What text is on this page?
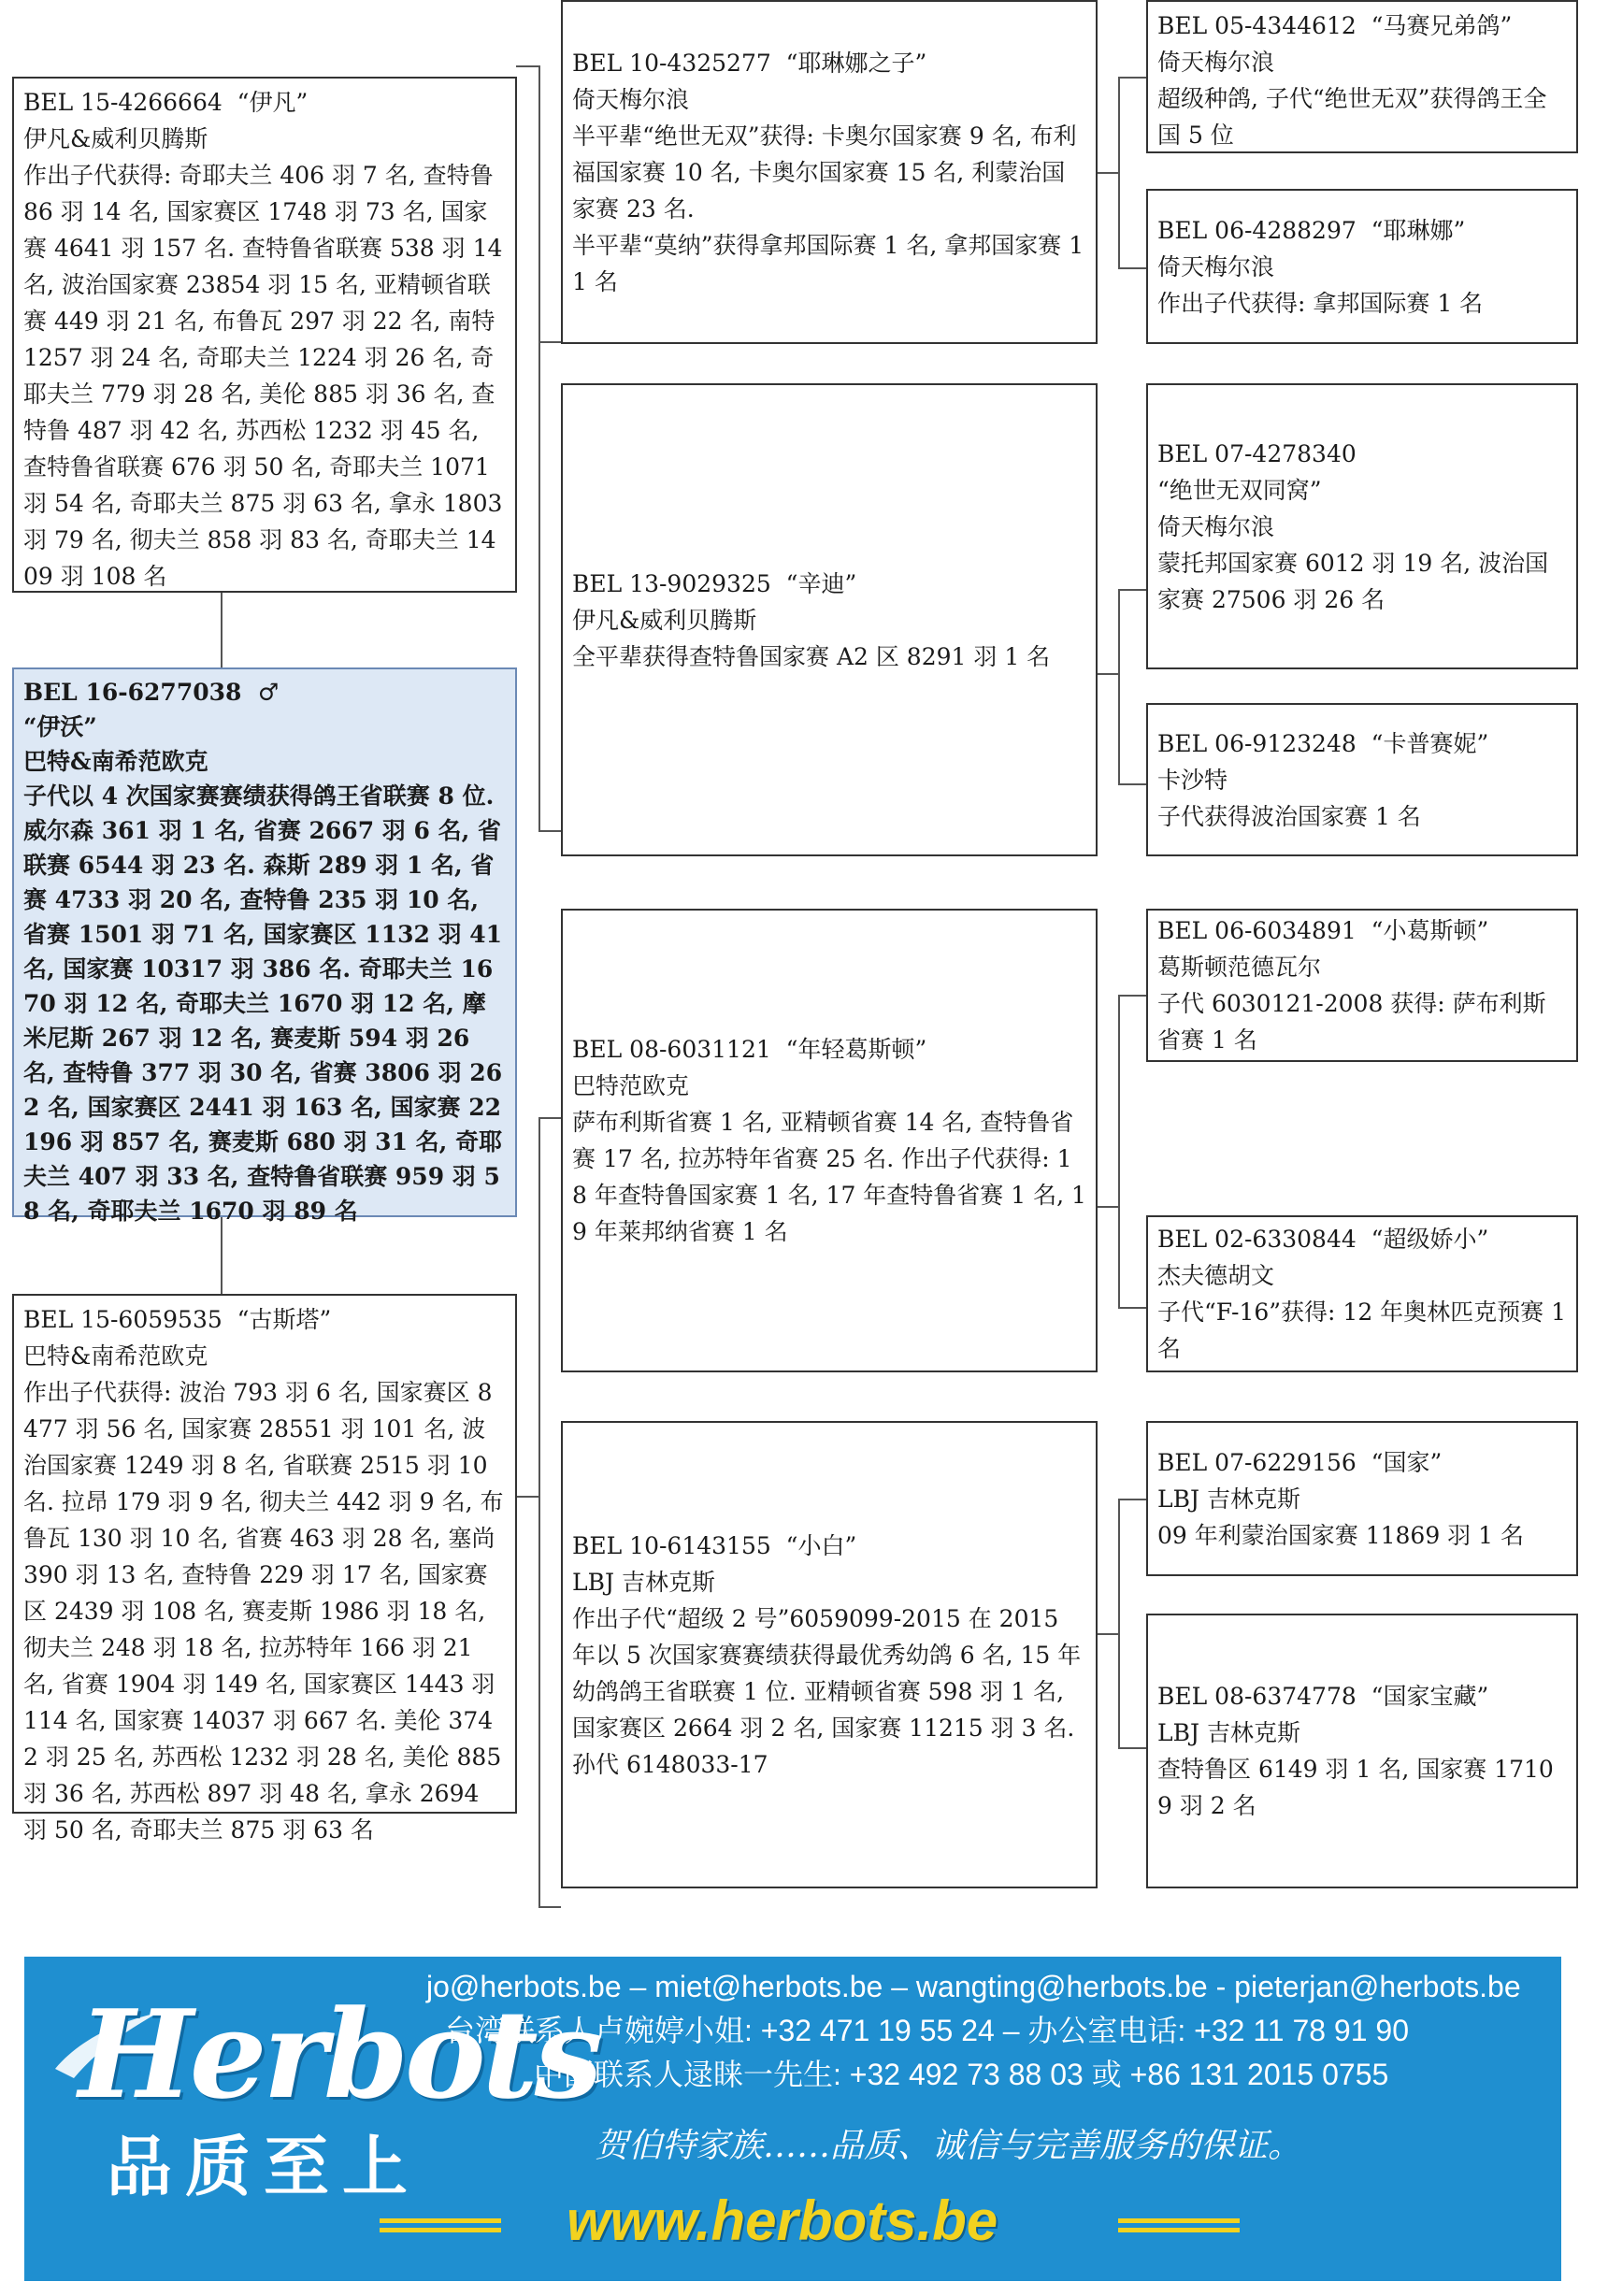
BEL 15-4266664  “伊凡”
伊凡&威利贝腾斯
作出子代获得: 奇耶夫兰 406 羽 7 名, 查特鲁 86 羽 14 名, 国家赛区 1748 羽 73 名, 国家赛 4641 羽 157 名. 查特鲁省联赛 538 羽 14 名, 波治国家赛 23854 羽 15 名, 亚精顿省联赛 449 羽 21 名, 布鲁瓦 297 羽 22 名, 南特 1257 羽 24 名, 奇耶夫兰 1224 羽 26 名, 奇耶夫兰 779 羽 28 名, 美伦 885 羽 36 名, 查特鲁 487 羽 42 名, 苏西松 1232 羽 45 名, 查特鲁省联赛 676 羽 50 名, 奇耶夫兰 1071 羽 54 名, 奇耶夫兰 875 羽 63 名, 拿永 1803 羽 79 名, 彻夫兰 858 羽 83 名, 奇耶夫兰 1409 羽 108 名
BEL 16-6277038 ♂
“伊沃”
巴特&南希范欧克
子代以 4 次国家赛赛绩获得鸽王省联赛 8 位. 威尔森 361 羽 1 名, 省赛 2667 羽 6 名, 省联赛 6544 羽 23 名. 森斯 289 羽 1 名, 省赛 4733 羽 20 名, 查特鲁 235 羽 10 名, 省赛 1501 羽 71 名, 国家赛区 1132 羽 41 名, 国家赛 10317 羽 386 名. 奇耶夫兰 1670 羽 12 名, 奇耶夫兰 1670 羽 12 名, 摩米尼斯 267 羽 12 名, 赛麦斯 594 羽 26 名, 查特鲁 377 羽 30 名, 省赛 3806 羽 262 名, 国家赛区 2441 羽 163 名, 国家赛 22196 羽 857 名, 赛麦斯 680 羽 31 名, 奇耶夫兰 407 羽 33 名, 查特鲁省联赛 959 羽 58 名, 奇耶夫兰 1670 羽 89 名
BEL 15-6059535  “古斯塔”
巴特&南希范欧克
作出子代获得: 波治 793 羽 6 名, 国家赛区 8477 羽 56 名, 国家赛 28551 羽 101 名, 波治国家赛 1249 羽 8 名, 省联赛 2515 羽 10 名. 拉昂 179 羽 9 名, 彻夫兰 442 羽 9 名, 布鲁瓦 130 羽 10 名, 省赛 463 羽 28 名, 塞尚 390 羽 13 名, 查特鲁 229 羽 17 名, 国家赛区 2439 羽 108 名, 赛麦斯 1986 羽 18 名, 彻夫兰 248 羽 18 名, 拉苏特年 166 羽 21 名, 省赛 1904 羽 149 名, 国家赛区 1443 羽 114 名, 国家赛 14037 羽 667 名. 美伦 3742 羽 25 名, 苏西松 1232 羽 28 名, 美伦 885 羽 36 名, 苏西松 897 羽 48 名, 拿永 2694 羽 50 名, 奇耶夫兰 875 羽 63 名
BEL 10-4325277  “耶琳娜之子”
倚天梅尔浪
半平辈“绝世无双”获得: 卡奥尔国家赛 9 名, 布利福国家赛 10 名, 卡奥尔国家赛 15 名, 利蒙治国家赛 23 名.
半平辈“莫纳”获得拿邦国际赛 1 名, 拿邦国家赛 11 名
BEL 13-9029325  “辛迪”
伊凡&威利贝腾斯
全平辈获得查特鲁国家赛 A2 区 8291 羽 1 名
BEL 08-6031121  “年轻葛斯顿”
巴特范欧克
萨布利斯省赛 1 名, 亚精顿省赛 14 名, 查特鲁省赛 17 名, 拉苏特年省赛 25 名. 作出子代获得: 18 年查特鲁国家赛 1 名, 17 年查特鲁省赛 1 名, 19 年莱邦纳省赛 1 名
BEL 10-6143155  “小白”
LBJ 吉林克斯
作出子代“超级 2 号”6059099-2015 在 2015 年以 5 次国家赛赛绩获得最优秀幼鸽 6 名, 15 年幼鸽鸽王省联赛 1 位. 亚精顿省赛 598 羽 1 名, 国家赛区 2664 羽 2 名, 国家赛 11215 羽 3 名. 孙代 6148033-17
BEL 05-4344612  “马赛兄弟鸽”
倚天梅尔浪
超级种鸽, 子代“绝世无双”获得鸽王全国 5 位
BEL 06-4288297  “耶琳娜”
倚天梅尔浪
作出子代获得: 拿邦国际赛 1 名
BEL 07-4278340
“绝世无双同窝”
倚天梅尔浪
蒙托邦国家赛 6012 羽 19 名, 波治国家赛 27506 羽 26 名
BEL 06-9123248  “卡普赛妮”
卡沙特
子代获得波治国家赛 1 名
BEL 06-6034891  “小葛斯顿”
葛斯顿范德瓦尔
子代 6030121-2008 获得: 萨布利斯省赛 1 名
BEL 02-6330844  “超级娇小”
杰夫德胡文
子代“F-16”获得: 12 年奥林匹克预赛 1 名
BEL 07-6229156  “国家”
LBJ 吉林克斯
09 年利蒙治国家赛 11869 羽 1 名
BEL 08-6374778  “国家宝藏”
LBJ 吉林克斯
查特鲁区 6149 羽 1 名, 国家赛 17109 羽 2 名
Herbots
品质至上
jo@herbots.be – miet@herbots.be – wangting@herbots.be - pieterjan@herbots.be
台湾联系人卢婉婷小姐: +32 471 19 55 24 – 办公室电话: +32 11 78 91 90
中国联系人逯睐一先生: +32 492 73 88 03 或 +86 131 2015 0755
贺伯特家族……品质、诚信与完善服务的保证。
www.herbots.be
